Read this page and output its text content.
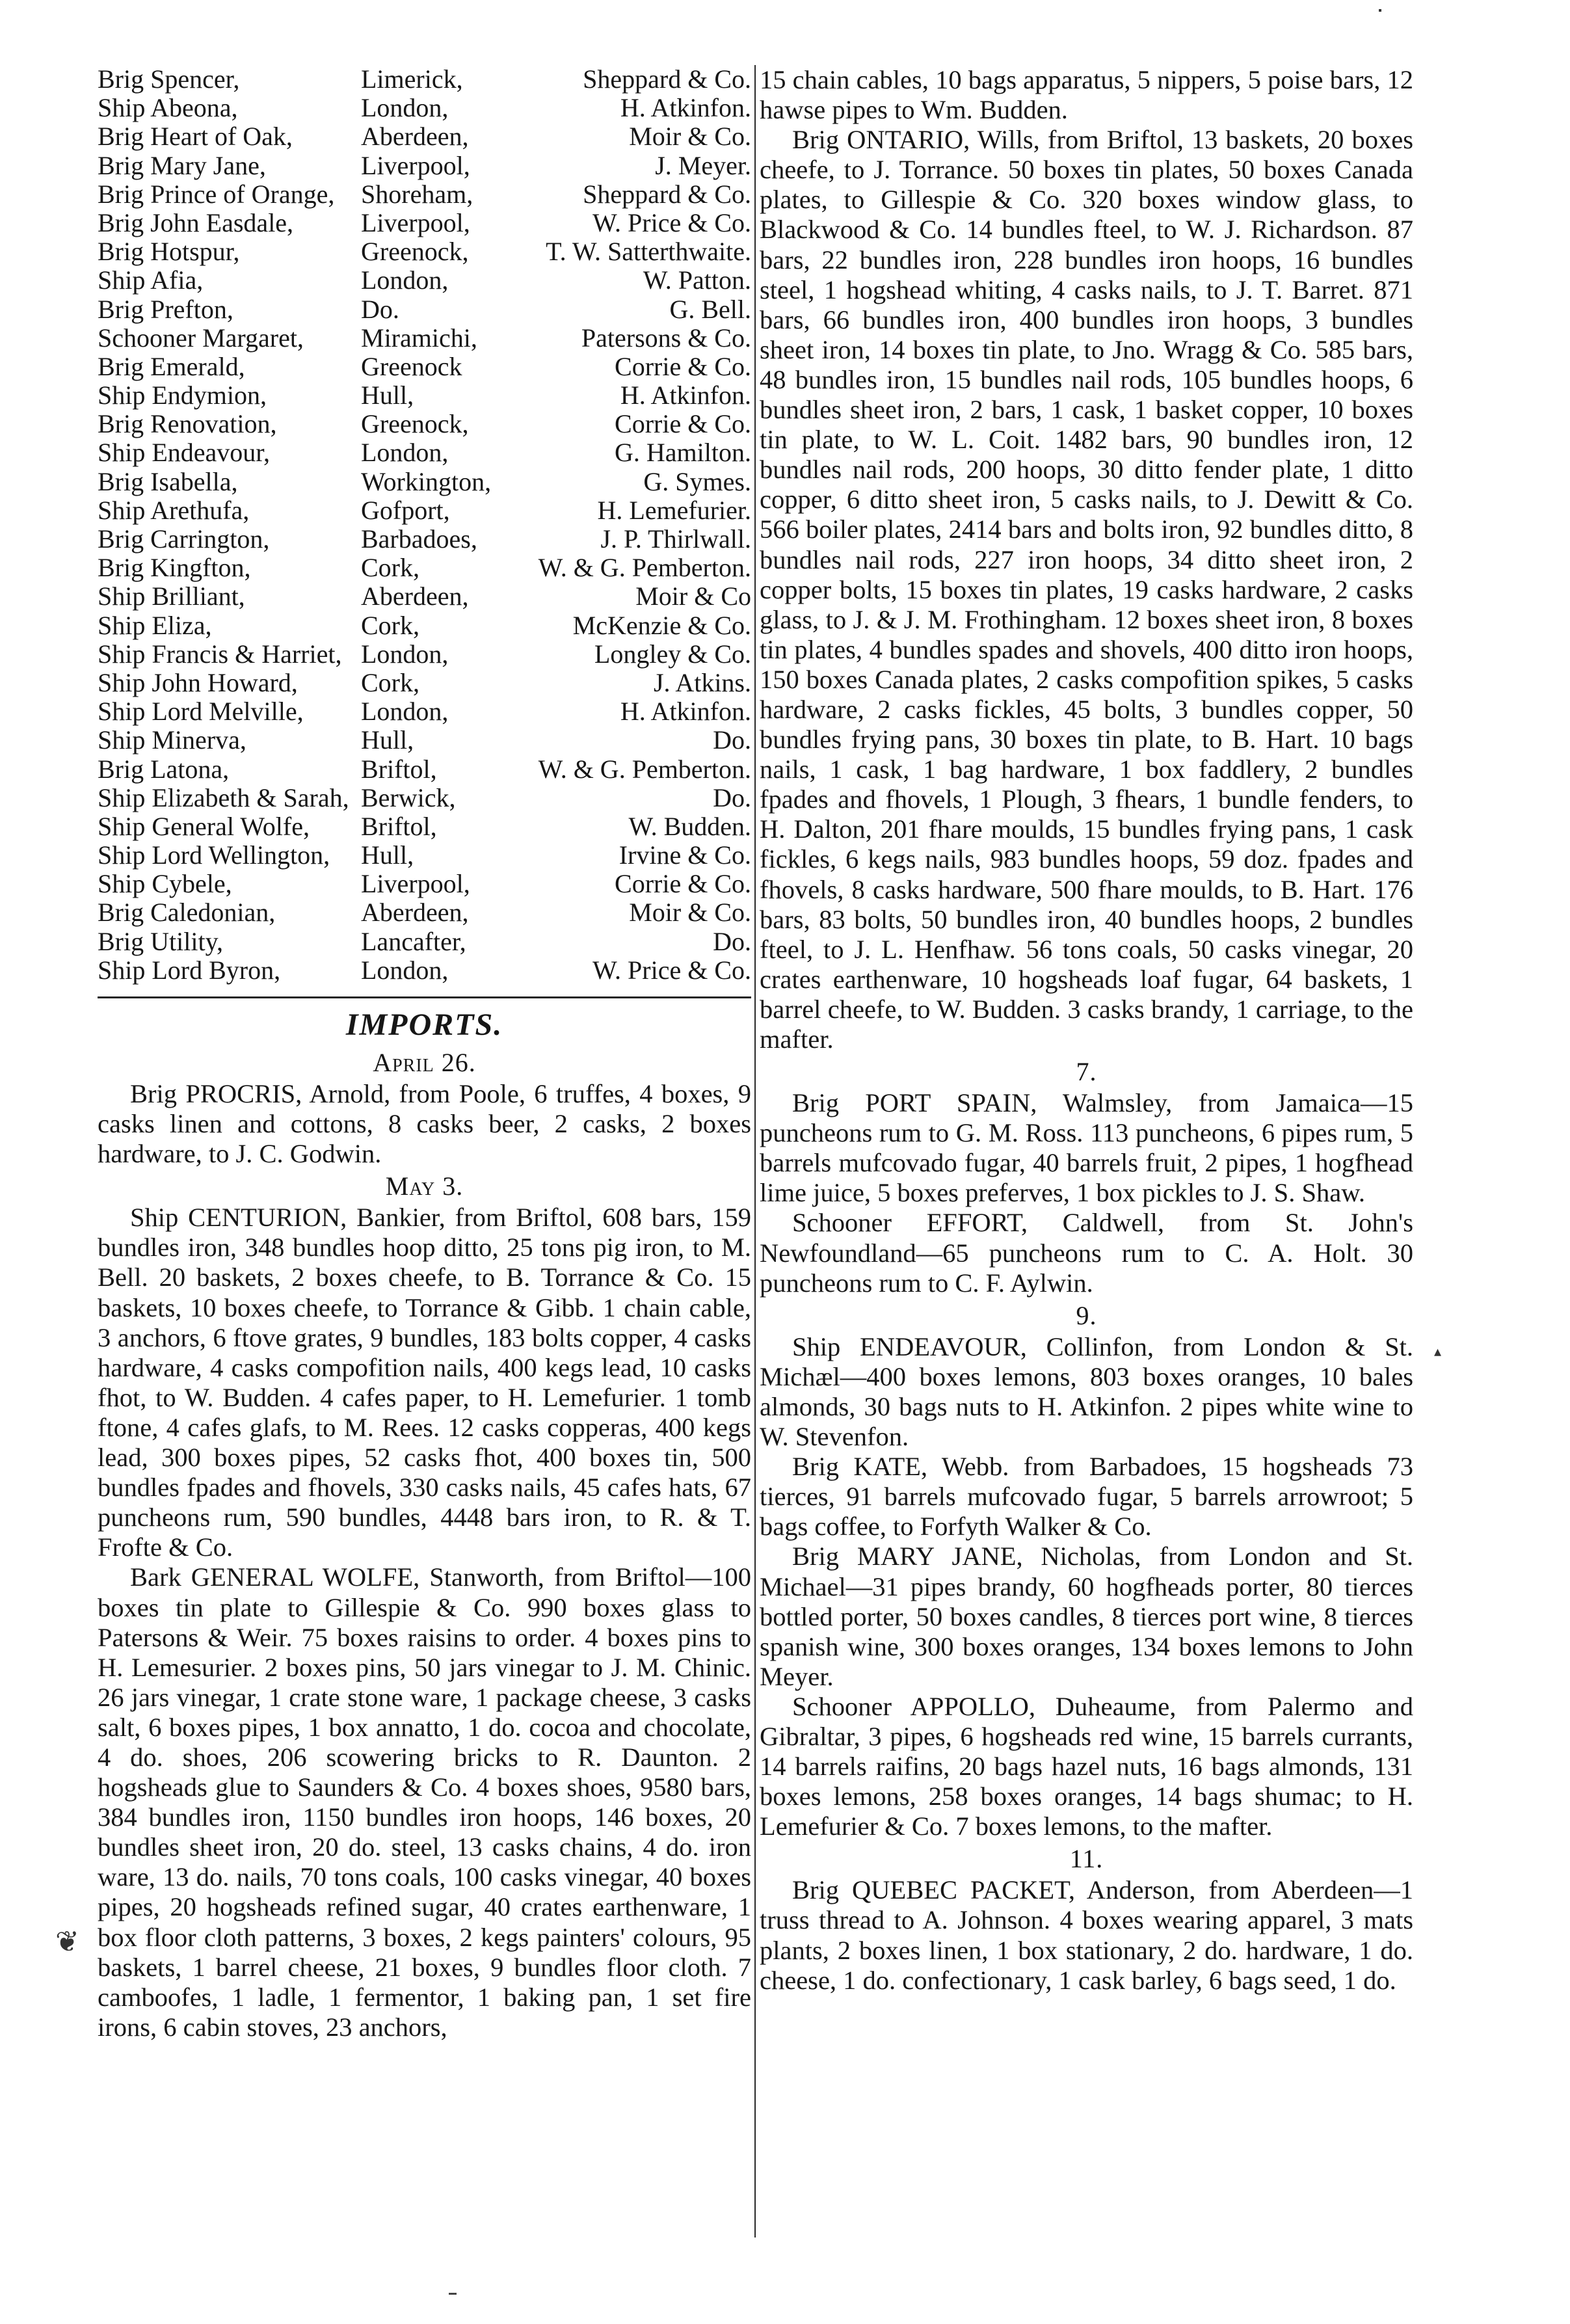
Brig Spencer,	Limerick,	Sheppard & Co.
Ship Abeona,	London,	H. Atkinfon.
Brig Heart of Oak,	Aberdeen,	Moir & Co.
Brig Mary Jane,	Liverpool,	J. Meyer.
Brig Prince of Orange, Shoreham,	Sheppard & Co.
Brig John Easdale,	Liverpool,	W. Price & Co.
Brig Hotspur,	Greenock,	T. W. Satterthwaite.
Ship Afia,	London,	W. Patton.
Brig Prefton,	Do.	G. Bell.
Schooner Margaret, Miramichi,	Patersons & Co.
Brig Emerald,	Greenock	Corrie & Co.
Ship Endymion,	Hull,	H. Atkinfon.
Brig Renovation,	Greenock,	Corrie & Co.
Ship Endeavour,	London,	G. Hamilton.
Brig Isabella,	Workington,	G. Symes.
Ship Arethufa,	Gofport,	H. Lemefurier.
Brig Carrington,	Barbadoes,	J. P. Thirlwall.
Brig Kingfton,	Cork,	W. & G. Pemberton.
Ship Brilliant,	Aberdeen,	Moir & Co
Ship Eliza,	Cork,	McKenzie & Co.
Ship Francis & Harriet, London,	Longley & Co.
Ship John Howard, Cork,	J. Atkins.
Ship Lord Melville, London,	H. Atkinfon.
Ship Minerva,	Hull,	Do.
Brig Latona,	Briftol,	W. & G. Pemberton.
Ship Elizabeth & Sarah, Berwick,	Do.
Ship General Wolfe, Briftol,	W. Budden.
Ship Lord Wellington, Hull,	Irvine & Co.
Ship Cybele,	Liverpool,	Corrie & Co.
Brig Caledonian,	Aberdeen,	Moir & Co.
Brig Utility,	Lancafter,	Do.
Ship Lord Byron,	London,	W. Price & Co.
IMPORTS.
April 26.

Brig PROCRIS, Arnold, from Poole, 6 truffes, 4 boxes, 9 casks linen and cottons, 8 casks beer, 2 casks, 2 boxes hardware, to J. C. Godwin.

May 3.

Ship CENTURION, Bankier, from Briftol, 608 bars, 159 bundles iron, 348 bundles hoop ditto, 25 tons pig iron, to M. Bell. 20 baskets, 2 boxes cheefe, to B. Torrance & Co. 15 baskets, 10 boxes cheefe, to Torrance & Gibb. 1 chain cable, 3 anchors, 6 ftove grates, 9 bundles, 183 bolts copper, 4 casks hardware, 4 casks compofition nails, 400 kegs lead, 10 casks fhot, to W. Budden. 4 cafes paper, to H. Lemefurier. 1 tomb ftone, 4 cafes glafs, to M. Rees. 12 casks copperas, 400 kegs lead, 300 boxes pipes, 52 casks fhot, 400 boxes tin, 500 bundles fpades and fhovels, 330 casks nails, 45 cafes hats, 67 puncheons rum, 590 bundles, 4448 bars iron, to R. & T. Frofte & Co.

Bark GENERAL WOLFE, Stanworth, from Briftol—100 boxes tin plate to Gillespie & Co. 990 boxes glass to Patersons & Weir. 75 boxes raisins to order. 4 boxes pins to H. Lemesurier. 2 boxes pins, 50 jars vinegar to J. M. Chinic. 26 jars vinegar, 1 crate stone ware, 1 package cheese, 3 casks salt, 6 boxes pipes, 1 box annatto, 1 do. cocoa and chocolate, 4 do. shoes, 206 scowering bricks to R. Daunton. 2 hogsheads glue to Saunders & Co. 4 boxes shoes, 9580 bars, 384 bundles iron, 1150 bundles iron hoops, 146 boxes, 20 bundles sheet iron, 20 do. steel, 13 casks chains, 4 do. iron ware, 13 do. nails, 70 tons coals, 100 casks vinegar, 40 boxes pipes, 20 hogsheads refined sugar, 40 crates earthenware, 1 box floor cloth patterns, 3 boxes, 2 kegs painters' colours, 95 baskets, 1 barrel cheese, 21 boxes, 9 bundles floor cloth. 7 camboofes, 1 ladle, 1 fermentor, 1 baking pan, 1 set fire irons, 6 cabin stoves, 23 anchors,

15 chain cables, 10 bags apparatus, 5 nippers, 5 poise bars, 12 hawse pipes to Wm. Budden.

Brig ONTARIO, Wills, from Briftol, 13 baskets, 20 boxes cheefe, to J. Torrance. 50 boxes tin plates, 50 boxes Canada plates, to Gillespie & Co. 320 boxes window glass, to Blackwood & Co. 14 bundles fteel, to W. J. Richardson. 87 bars, 22 bundles iron, 228 bundles iron hoops, 16 bundles steel, 1 hogshead whiting, 4 casks nails, to J. T. Barret. 871 bars, 66 bundles iron, 400 bundles iron hoops, 3 bundles sheet iron, 14 boxes tin plate, to Jno. Wragg & Co. 585 bars, 48 bundles iron, 15 bundles nail rods, 105 bundles hoops, 6 bundles sheet iron, 2 bars, 1 cask, 1 basket copper, 10 boxes tin plate, to W. L. Coit. 1482 bars, 90 bundles iron, 12 bundles nail rods, 200 hoops, 30 ditto fender plate, 1 ditto copper, 6 ditto sheet iron, 5 casks nails, to J. Dewitt & Co. 566 boiler plates, 2414 bars and bolts iron, 92 bundles ditto, 8 bundles nail rods, 227 iron hoops, 34 ditto sheet iron, 2 copper bolts, 15 boxes tin plates, 19 casks hardware, 2 casks glass, to J. & J. M. Frothingham. 12 boxes sheet iron, 8 boxes tin plates, 4 bundles spades and shovels, 400 ditto iron hoops, 150 boxes Canada plates, 2 casks compofition spikes, 5 casks hardware, 2 casks fickles, 45 bolts, 3 bundles copper, 50 bundles frying pans, 30 boxes tin plate, to B. Hart. 10 bags nails, 1 cask, 1 bag hardware, 1 box faddlery, 2 bundles fpades and fhovels, 1 Plough, 3 fhears, 1 bundle fenders, to H. Dalton, 201 fhare moulds, 15 bundles frying pans, 1 cask fickles, 6 kegs nails, 983 bundles hoops, 59 doz. fpades and fhovels, 8 casks hardware, 500 fhare moulds, to B. Hart. 176 bars, 83 bolts, 50 bundles iron, 40 bundles hoops, 2 bundles fteel, to J. L. Henfhaw. 56 tons coals, 50 casks vinegar, 20 crates earthenware, 10 hogsheads loaf fugar, 64 baskets, 1 barrel cheefe, to W. Budden. 3 casks brandy, 1 carriage, to the mafter.

7.

Brig PORT SPAIN, Walmsley, from Jamaica—15 puncheons rum to G. M. Ross. 113 puncheons, 6 pipes rum, 5 barrels mufcovado fugar, 40 barrels fruit, 2 pipes, 1 hogfhead lime juice, 5 boxes preferves, 1 box pickles to J. S. Shaw.

Schooner EFFORT, Caldwell, from St. John's Newfoundland—65 puncheons rum to C. A. Holt. 30 puncheons rum to C. F. Aylwin.

9.

Ship ENDEAVOUR, Collinfon, from London & St. Michæl—400 boxes lemons, 803 boxes oranges, 10 bales almonds, 30 bags nuts to H. Atkinfon. 2 pipes white wine to W. Stevenfon.

Brig KATE, Webb. from Barbadoes, 15 hogsheads 73 tierces, 91 barrels mufcovado fugar, 5 barrels arrowroot; 5 bags coffee, to Forfyth Walker & Co.

Brig MARY JANE, Nicholas, from London and St. Michael—31 pipes brandy, 60 hogfheads porter, 80 tierces bottled porter, 50 boxes candles, 8 tierces port wine, 8 tierces spanish wine, 300 boxes oranges, 134 boxes lemons to John Meyer.

Schooner APPOLLO, Duheaume, from Palermo and Gibraltar, 3 pipes, 6 hogsheads red wine, 15 barrels currants, 14 barrels raifins, 20 bags hazel nuts, 16 bags almonds, 131 boxes lemons, 258 boxes oranges, 14 bags shumac; to H. Lemefurier & Co. 7 boxes lemons, to the mafter.

11.

Brig QUEBEC PACKET, Anderson, from Aberdeen—1 truss thread to A. Johnson. 4 boxes wearing apparel, 3 mats plants, 2 boxes linen, 1 box stationary, 2 do. hardware, 1 do. cheese, 1 do. confectionary, 1 cask barley, 6 bags seed, 1 do.

▴
❦
